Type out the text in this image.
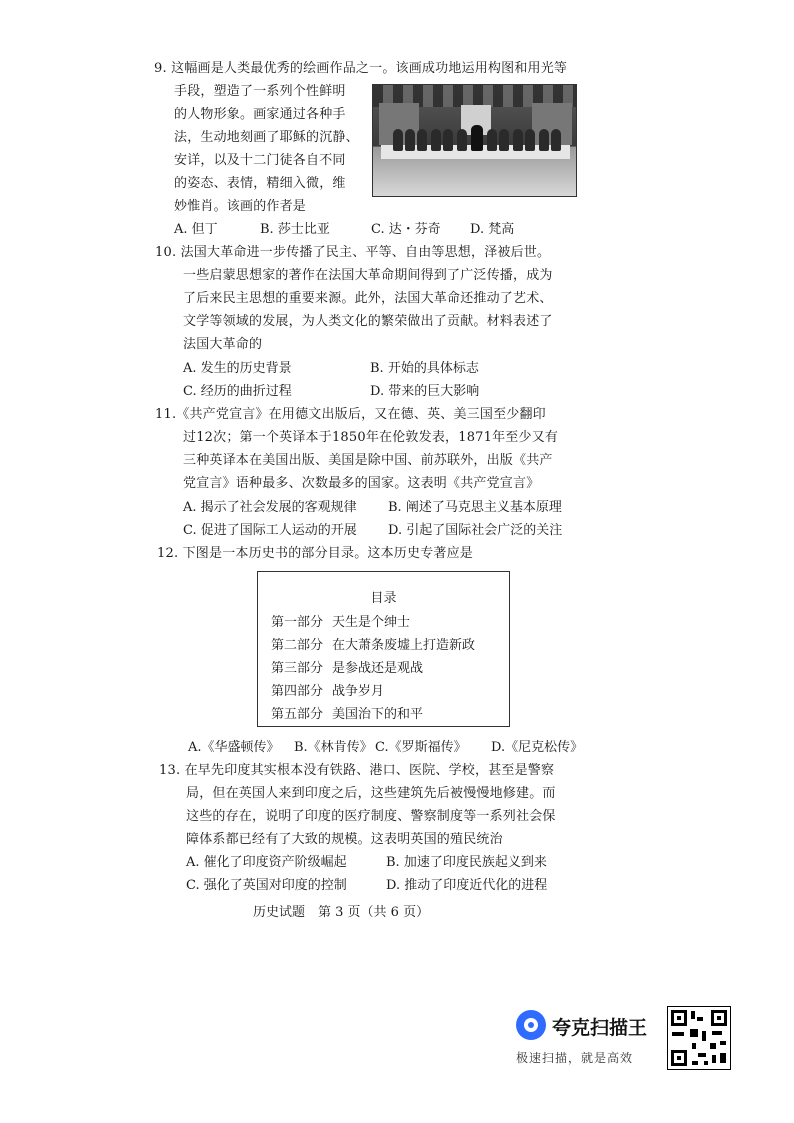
9. 这幅画是人类最优秀的绘画作品之一。该画成功地运用构图和用光等
手段，塑造了一系列个性鲜明
的人物形象。画家通过各种手
法，生动地刻画了耶稣的沉静、
安详，以及十二门徒各自不同
的姿态、表情，精细入微，维
妙惟肖。该画的作者是
A. 但丁	B. 莎士比亚	C. 达・芬奇 D. 梵高
10. 法国大革命进一步传播了民主、平等、自由等思想，泽被后世。
一些启蒙思想家的著作在法国大革命期间得到了广泛传播，成为
了后来民主思想的重要来源。此外，法国大革命还推动了艺术、
文学等领域的发展，为人类文化的繁荣做出了贡献。材料表述了
法国大革命的
A. 发生的历史背景	B. 开始的具体标志
C. 经历的曲折过程	D. 带来的巨大影响
11.《共产党宣言》在用德文出版后，又在德、英、美三国至少翻印
过12次；第一个英译本于1850年在伦敦发表，1871年至少又有
三种英译本在美国出版、美国是除中国、前苏联外，出版《共产
党宣言》语种最多、次数最多的国家。这表明《共产党宣言》
A. 揭示了社会发展的客观规律 B. 阐述了马克思主义基本原理
C. 促进了国际工人运动的开展 D. 引起了国际社会广泛的关注
12. 下图是一本历史书的部分目录。这本历史专著应是
目录
第一部分 天生是个绅士
第二部分 在大萧条废墟上打造新政
第三部分 是参战还是观战
第四部分 战争岁月
第五部分 美国治下的和平
A.《华盛顿传》 B.《林肯传》 C.《罗斯福传》 D.《尼克松传》
13. 在早先印度其实根本没有铁路、港口、医院、学校，甚至是警察
局，但在英国人来到印度之后，这些建筑先后被慢慢地修建。而
这些的存在，说明了印度的医疗制度、警察制度等一系列社会保
障体系都已经有了大致的规模。这表明英国的殖民统治
A. 催化了印度资产阶级崛起	B. 加速了印度民族起义到来
C. 强化了英国对印度的控制	D. 推动了印度近代化的进程
历史试题　第 3 页（共 6 页）
夸克扫描王
极速扫描，就是高效
